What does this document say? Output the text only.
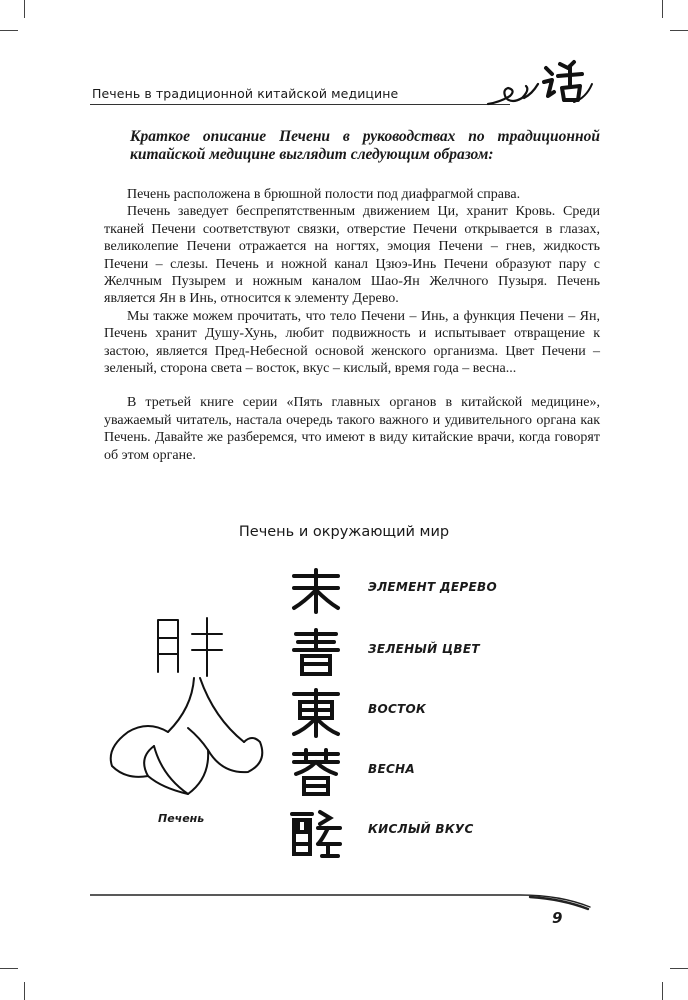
Печень в традиционной китайской медицине
Краткое описание Печени в руководствах по традиционной китайской медицине выглядит следующим образом:

Печень расположена в брюшной полости под диафрагмой справа.

Печень заведует беспрепятственным движением Ци, хранит Кровь. Среди тканей Печени соответствуют связки, отверстие Печени открывается в глазах, великолепие Печени отражается на ногтях, эмоция Печени – гнев, жидкость Печени – слезы. Печень и ножной канал Цзюэ-Инь Печени образуют пару с Желчным Пузырем и ножным каналом Шао-Ян Желчного Пузыря. Печень является Ян в Инь, относится к элементу Дерево.

Мы также можем прочитать, что тело Печени – Инь, а функция Печени – Ян, Печень хранит Душу-Хунь, любит подвижность и испытывает отвращение к застою, является Пред-Небесной основой женского организма. Цвет Печени – зеленый, сторона света – восток, вкус – кислый, время года – весна...

В третьей книге серии «Пять главных органов в китайской медицине», уважаемый читатель, настала очередь такого важного и удивительного органа как Печень. Давайте же разберемся, что имеют в виду китайские врачи, когда говорят об этом органе.

Печень и окружающий мир
Печень
ЭЛЕМЕНТ ДЕРЕВО
ЗЕЛЕНЫЙ ЦВЕТ
ВОСТОК
ВЕСНА
КИСЛЫЙ ВКУС
9
